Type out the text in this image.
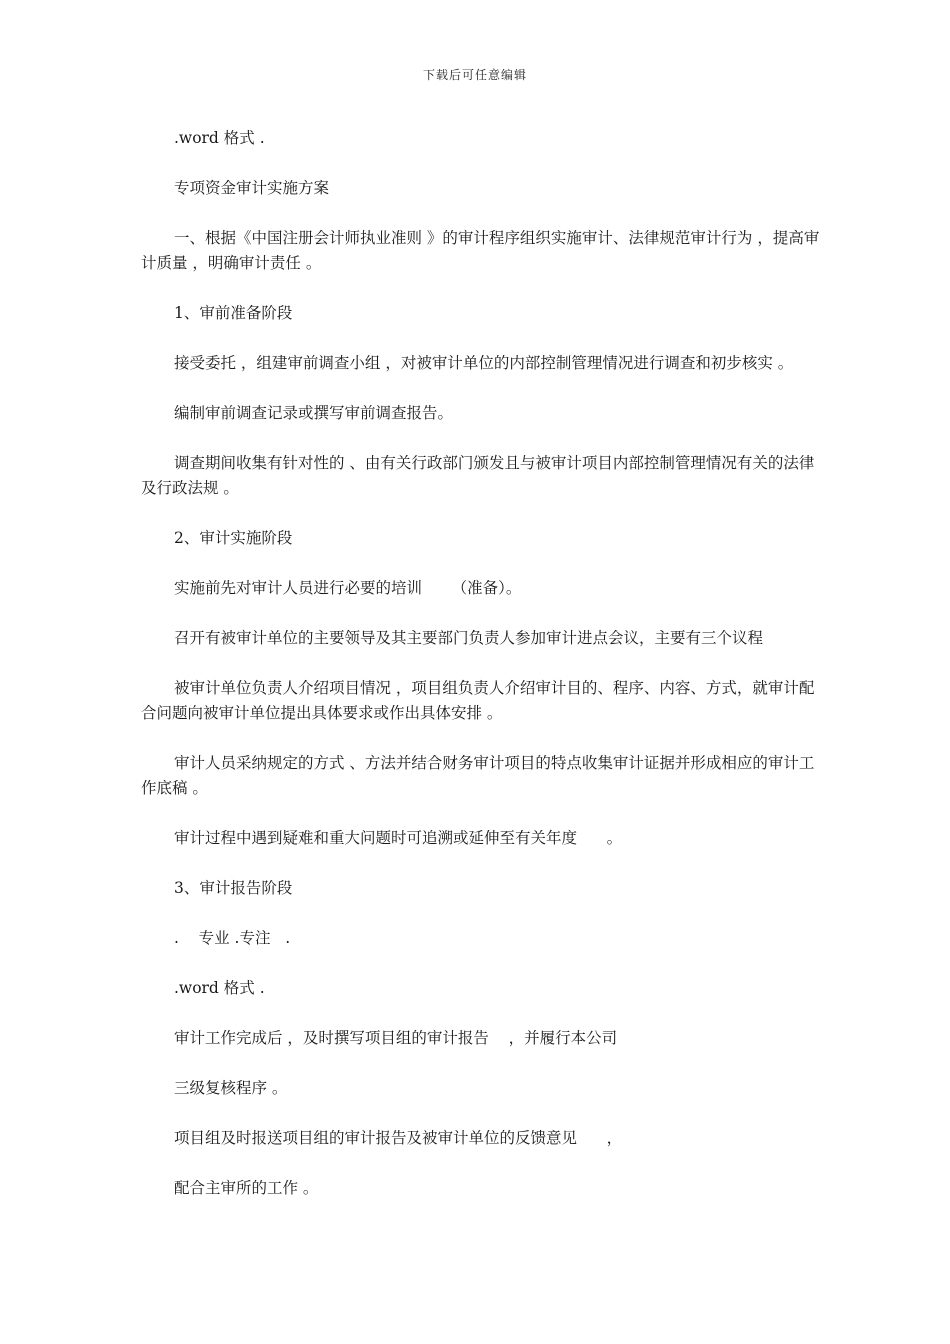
下载后可任意编辑

.word 格式 .

专项资金审计实施方案

一、根据《中国注册会计师执业准则 》的审计程序组织实施审计、法律规范审计行为 ，提高审计质量 ，明确审计责任 。

1、审前准备阶段

接受委托 ，组建审前调查小组 ，对被审计单位的内部控制管理情况进行调查和初步核实 。

编制审前调查记录或撰写审前调查报告。

调查期间收集有针对性的 、由有关行政部门颁发且与被审计项目内部控制管理情况有关的法律及行政法规 。

2、审计实施阶段

实施前先对审计人员进行必要的培训      （准备）。

召开有被审计单位的主要领导及其主要部门负责人参加审计进点会议，主要有三个议程

被审计单位负责人介绍项目情况 ，项目组负责人介绍审计目的、程序、内容、方式，就审计配合问题向被审计单位提出具体要求或作出具体安排 。

审计人员采纳规定的方式 、方法并结合财务审计项目的特点收集审计证据并形成相应的审计工作底稿 。

审计过程中遇到疑难和重大问题时可追溯或延伸至有关年度      。

3、审计报告阶段

.    专业 .专注   .

.word 格式 .

审计工作完成后 ，及时撰写项目组的审计报告    ，并履行本公司

三级复核程序 。

项目组及时报送项目组的审计报告及被审计单位的反馈意见      ，

配合主审所的工作 。
